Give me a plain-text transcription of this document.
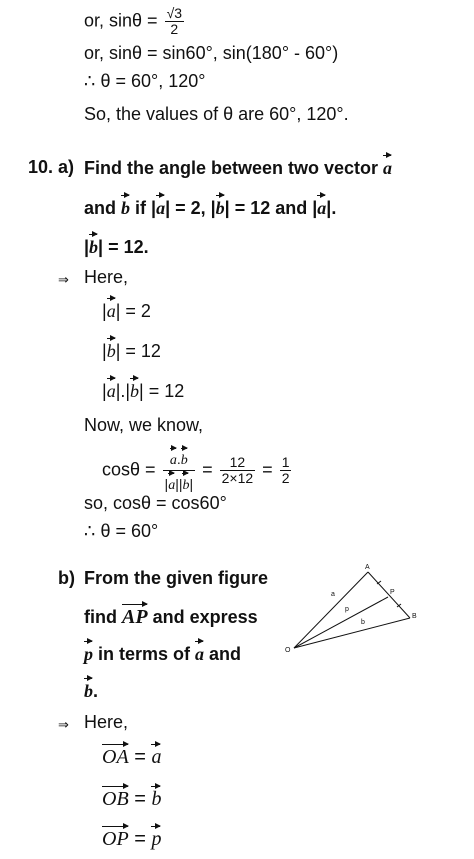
or, $\sin\theta = \frac{√3}{2}$
or, sinθ = sin60°, sin(180° - 60°)
∴ θ = 60°, 120°
So, the values of θ are 60°, 120°.
10. a) Find the angle between two vector a
and b if |a| = 2, |b| = 12 and |a|.
|b| = 12.
⇒ Here,
|a| = 2
|b| = 12
|a|.|b| = 12
Now, we know,
$\cos\theta = \frac{a.b}{|a||b|} = \frac{12}{2\times 12} = \frac{1}{2}$
so, cosθ = cos60°
∴ θ = 60°
b) From the given figure
find AP and express
p in terms of a and
b.
A
P
B
O
a
p
b
⇒ Here,
OA = a
OB = b
OP = p
